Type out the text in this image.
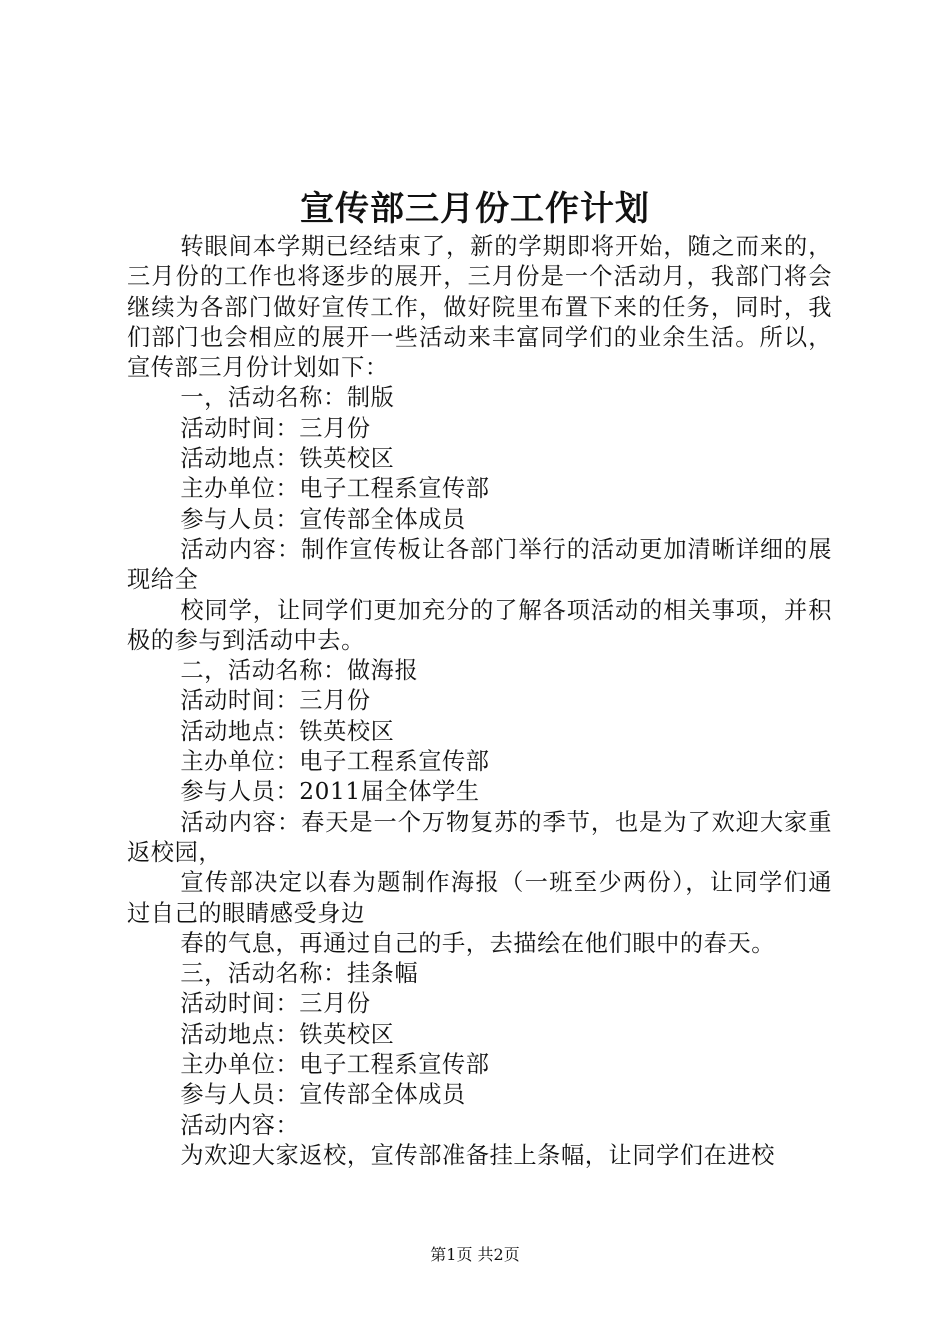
宣传部三月份工作计划

转眼间本学期已经结束了，新的学期即将开始，随之而来的，三月份的工作也将逐步的展开，三月份是一个活动月，我部门将会继续为各部门做好宣传工作，做好院里布置下来的任务，同时，我们部门也会相应的展开一些活动来丰富同学们的业余生活。所以，宣传部三月份计划如下：

一，活动名称：制版

活动时间：三月份

活动地点：铁英校区

主办单位：电子工程系宣传部

参与人员：宣传部全体成员

活动内容：制作宣传板让各部门举行的活动更加清晰详细的展现给全

校同学，让同学们更加充分的了解各项活动的相关事项，并积极的参与到活动中去。

二，活动名称：做海报

活动时间：三月份

活动地点：铁英校区

主办单位：电子工程系宣传部

参与人员：2011届全体学生

活动内容：春天是一个万物复苏的季节，也是为了欢迎大家重返校园，

宣传部决定以春为题制作海报（一班至少两份），让同学们通过自己的眼睛感受身边

春的气息，再通过自己的手，去描绘在他们眼中的春天。

三，活动名称：挂条幅

活动时间：三月份

活动地点：铁英校区

主办单位：电子工程系宣传部

参与人员：宣传部全体成员

活动内容：

为欢迎大家返校，宣传部准备挂上条幅，让同学们在进校

第1页 共2页
